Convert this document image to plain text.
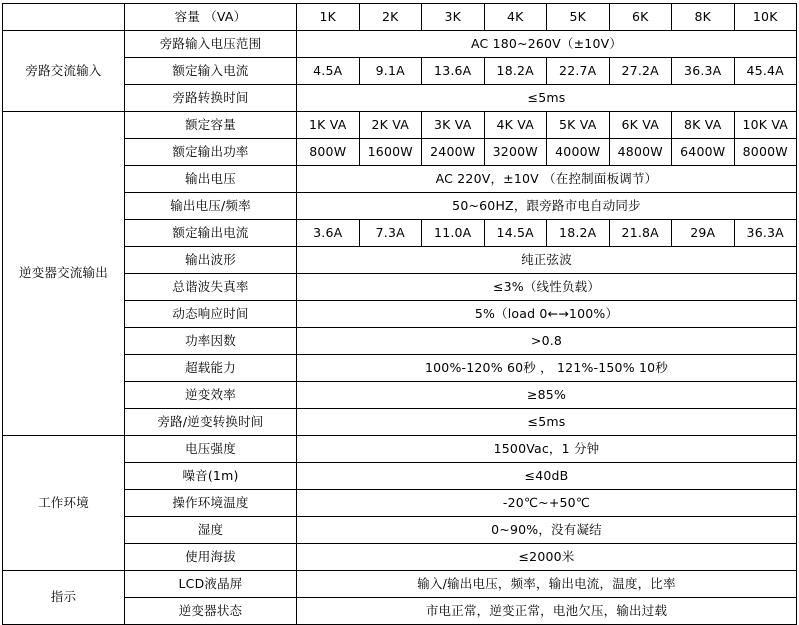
	容量 （VA）	1K	2K	3K	4K	5K	6K	8K	10K
旁路交流输入	旁路输入电压范围	AC 180~260V（±10V）							
	额定输入电流	4.5A	9.1A	13.6A	18.2A	22.7A	27.2A	36.3A	45.4A
	旁路转换时间	≤5ms							
逆变器交流输出	额定容量	1K VA	2K VA	3K VA	4K VA	5K VA	6K VA	8K VA	10K VA
	额定输出功率	800W	1600W	2400W	3200W	4000W	4800W	6400W	8000W
	输出电压	AC 220V，±10V （在控制面板调节）							
	输出电压/频率	50~60HZ，跟旁路市电自动同步							
	额定输出电流	3.6A	7.3A	11.0A	14.5A	18.2A	21.8A	29A	36.3A
	输出波形	纯正弦波							
	总谐波失真率	≤3%（线性负载）							
	动态响应时间	5%（load 0←→100%）							
	功率因数	>0.8							
	超载能力	100%-120% 60秒 ， 121%-150% 10秒							
	逆变效率	≥85%							
	旁路/逆变转换时间	≤5ms							
工作环境	电压强度	1500Vac，1 分钟							
	噪音(1m)	≤40dB							
	操作环境温度	-20℃~+50℃							
	湿度	0~90%，没有凝结							
	使用海拔	≤2000米							
指示	LCD液晶屏	输入/输出电压，频率，输出电流，温度，比率							
	逆变器状态	市电正常，逆变正常，电池欠压，输出过载							
